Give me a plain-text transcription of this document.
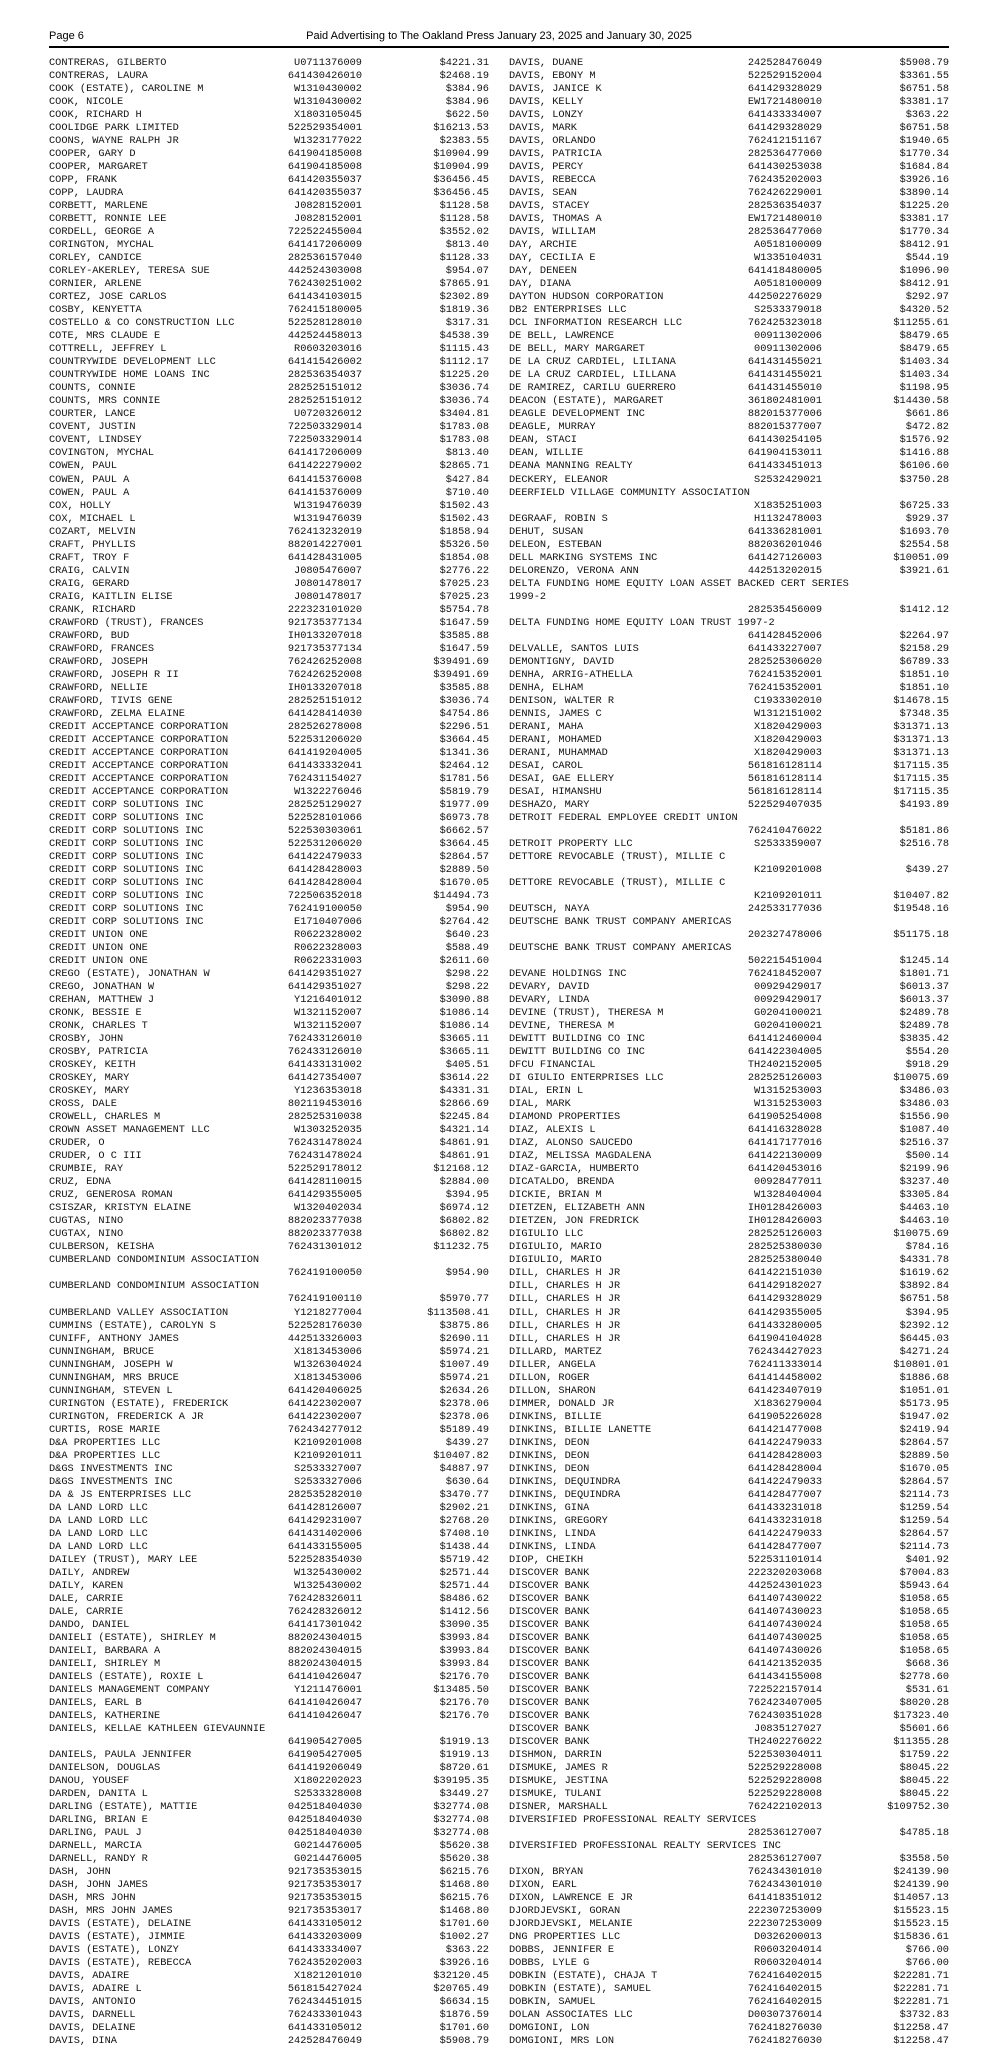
Page 6	Paid Advertising to The Oakland Press January 23, 2025 and January 30, 2025
CONTRERAS, GILBERTO	U0711376009	$4221.31
CONTRERAS, LAURA	641430426010	$2468.19
COOK (ESTATE), CAROLINE M	W1310430002	$384.96
COOK, NICOLE	W1310430002	$384.96
COOK, RICHARD H	X1803105045	$622.50
COOLIDGE PARK LIMITED	522529354001	$16213.53
COONS, WAYNE RALPH JR	W1323177022	$2383.55
COOPER, GARY D	641904185008	$10904.99
COOPER, MARGARET	641904185008	$10904.99
COPP, FRANK	641420355037	$36456.45
COPP, LAUDRA	641420355037	$36456.45
CORBETT, MARLENE	J0828152001	$1128.58
CORBETT, RONNIE LEE	J0828152001	$1128.58
CORDELL, GEORGE A	722522455004	$3552.02
CORINGTON, MYCHAL	641417206009	$813.40
CORLEY, CANDICE	282536157040	$1128.33
CORLEY-AKERLEY, TERESA SUE	442524303008	$954.07
CORNIER, ARLENE	762430251002	$7865.91
CORTEZ, JOSE CARLOS	641434103015	$2302.89
COSBY, KENYETTA	762415180005	$1819.36
COSTELLO & CO CONSTRUCTION LLC	522528128010	$317.31
COTE, MRS CLAUDE E	442524458013	$4538.39
COTTRELL, JEFFREY L	R0603203016	$1115.43
COUNTRYWIDE DEVELOPMENT LLC	641415426002	$1112.17
COUNTRYWIDE HOME LOANS INC	282536354037	$1225.20
COUNTS, CONNIE	282525151012	$3036.74
COUNTS, MRS CONNIE	282525151012	$3036.74
COURTER, LANCE	U0720326012	$3404.81
COVENT, JUSTIN	722503329014	$1783.08
COVENT, LINDSEY	722503329014	$1783.08
COVINGTON, MYCHAL	641417206009	$813.40
COWEN, PAUL	641422279002	$2865.71
COWEN, PAUL A	641415376008	$427.84
COWEN, PAUL A	641415376009	$710.40
COX, HOLLY	W1319476039	$1502.43
COX, MICHAEL L	W1319476039	$1502.43
COZART, MELVIN	762413232019	$1858.94
CRAFT, PHYLLIS	882014227001	$5326.50
CRAFT, TROY F	641428431005	$1854.08
CRAIG, CALVIN	J0805476007	$2776.22
CRAIG, GERARD	J0801478017	$7025.23
CRAIG, KAITLIN ELISE	J0801478017	$7025.23
CRANK, RICHARD	222323101020	$5754.78
CRAWFORD (TRUST), FRANCES	921735377134	$1647.59
CRAWFORD, BUD	IH0133207018	$3585.88
CRAWFORD, FRANCES	921735377134	$1647.59
CRAWFORD, JOSEPH	762426252008	$39491.69
CRAWFORD, JOSEPH R II	762426252008	$39491.69
CRAWFORD, NELLIE	IH0133207018	$3585.88
CRAWFORD, TIVIS GENE	282525151012	$3036.74
CRAWFORD, ZELMA ELAINE	641428414030	$4754.86
CREDIT ACCEPTANCE CORPORATION	282526278008	$2296.51
CREDIT ACCEPTANCE CORPORATION	522531206020	$3664.45
CREDIT ACCEPTANCE CORPORATION	641419204005	$1341.36
CREDIT ACCEPTANCE CORPORATION	641433332041	$2464.12
CREDIT ACCEPTANCE CORPORATION	762431154027	$1781.56
CREDIT ACCEPTANCE CORPORATION	W1322276046	$5819.79
CREDIT CORP SOLUTIONS INC	282525129027	$1977.09
CREDIT CORP SOLUTIONS INC	522528101066	$6973.78
CREDIT CORP SOLUTIONS INC	522530303061	$6662.57
CREDIT CORP SOLUTIONS INC	522531206020	$3664.45
CREDIT CORP SOLUTIONS INC	641422479033	$2864.57
CREDIT CORP SOLUTIONS INC	641428428003	$2889.50
CREDIT CORP SOLUTIONS INC	641428428004	$1670.05
CREDIT CORP SOLUTIONS INC	722506352018	$14494.73
CREDIT CORP SOLUTIONS INC	762419100050	$954.90
CREDIT CORP SOLUTIONS INC	E1710407006	$2764.42
CREDIT UNION ONE	R0622328002	$640.23
CREDIT UNION ONE	R0622328003	$588.49
CREDIT UNION ONE	R0622331003	$2611.60
CREGO (ESTATE), JONATHAN W	641429351027	$298.22
CREGO, JONATHAN W	641429351027	$298.22
CREHAN, MATTHEW J	Y1216401012	$3090.88
CRONK, BESSIE E	W1321152007	$1086.14
CRONK, CHARLES T	W1321152007	$1086.14
CROSBY, JOHN	762433126010	$3665.11
CROSBY, PATRICIA	762433126010	$3665.11
CROSKEY, KEITH	641433131002	$405.51
CROSKEY, MARY	641427354007	$3614.22
CROSKEY, MARY	Y1236353018	$4331.31
CROSS, DALE	802119453016	$2866.69
CROWELL, CHARLES M	282525310038	$2245.84
CROWN ASSET MANAGEMENT LLC	W1303252035	$4321.14
CRUDER, O	762431478024	$4861.91
CRUDER, O C III	762431478024	$4861.91
CRUMBIE, RAY	522529178012	$12168.12
CRUZ, EDNA	641428110015	$2884.00
CRUZ, GENEROSA ROMAN	641429355005	$394.95
CSISZAR, KRISTYN ELAINE	W1320402034	$6974.12
CUGTAS, NINO	882023377038	$6802.82
CUGTAX, NINO	882023377038	$6802.82
CULBERSON, KEISHA	762431301012	$11232.75
CUMBERLAND CONDOMINIUM ASSOCIATION
762419100050	$954.90
CUMBERLAND CONDOMINIUM ASSOCIATION
762419100110	$5970.77
CUMBERLAND VALLEY ASSOCIATION	Y1218277004	$113508.41
CUMMINS (ESTATE), CAROLYN S	522528176030	$3875.86
CUNIFF, ANTHONY JAMES	442513326003	$2690.11
CUNNINGHAM, BRUCE	X1813453006	$5974.21
CUNNINGHAM, JOSEPH W	W1326304024	$1007.49
CUNNINGHAM, MRS BRUCE	X1813453006	$5974.21
CUNNINGHAM, STEVEN L	641420406025	$2634.26
CURINGTON (ESTATE), FREDERICK	641422302007	$2378.06
CURINGTON, FREDERICK A JR	641422302007	$2378.06
CURTIS, ROSE MARIE	762434277012	$5189.49
D&A PROPERTIES LLC	K2109201008	$439.27
D&A PROPERTIES LLC	K2109201011	$10407.82
D&GS INVESTMENTS INC	S2533327007	$4887.97
D&GS INVESTMENTS INC	S2533327006	$630.64
DA & JS ENTERPRISES LLC	282535282010	$3470.77
DA LAND LORD LLC	641428126007	$2902.21
DA LAND LORD LLC	641429231007	$2768.20
DA LAND LORD LLC	641431402006	$7408.10
DA LAND LORD LLC	641433155005	$1438.44
DAILEY (TRUST), MARY LEE	522528354030	$5719.42
DAILY, ANDREW	W1325430002	$2571.44
DAILY, KAREN	W1325430002	$2571.44
DALE, CARRIE	762428326011	$8486.62
DALE, CARRIE	762428326012	$1412.56
DANDO, DANIEL	641417301042	$3090.35
DANIELI (ESTATE), SHIRLEY M	882024304015	$3993.84
DANIELI, BARBARA A	882024304015	$3993.84
DANIELI, SHIRLEY M	882024304015	$3993.84
DANIELS (ESTATE), ROXIE L	641410426047	$2176.70
DANIELS MANAGEMENT COMPANY	Y1211476001	$13485.50
DANIELS, EARL B	641410426047	$2176.70
DANIELS, KATHERINE	641410426047	$2176.70
DANIELS, KELLAE KATHLEEN GIEVAUNNIE
641905427005	$1919.13
DANIELS, PAULA JENNIFER	641905427005	$1919.13
DANIELSON, DOUGLAS	641419206049	$8720.61
DANOU, YOUSEF	X1802202023	$39195.35
DARDEN, DANITA L	S2533328008	$3449.27
DARLING (ESTATE), MATTIE	042518404030	$32774.08
DARLING, BRIAN E	042518404030	$32774.08
DARLING, PAUL J	042518404030	$32774.08
DARNELL, MARCIA	G0214476005	$5620.38
DARNELL, RANDY R	G0214476005	$5620.38
DASH, JOHN	921735353015	$6215.76
DASH, JOHN JAMES	921735353017	$1468.80
DASH, MRS JOHN	921735353015	$6215.76
DASH, MRS JOHN JAMES	921735353017	$1468.80
DAVIS (ESTATE), DELAINE	641433105012	$1701.60
DAVIS (ESTATE), JIMMIE	641433203009	$1002.27
DAVIS (ESTATE), LONZY	641433334007	$363.22
DAVIS (ESTATE), REBECCA	762435202003	$3926.16
DAVIS, ADAIRE	X1821201010	$32120.45
DAVIS, ADAIRE L	561815427024	$20765.49
DAVIS, ANTONIO	762434451015	$6634.15
DAVIS, DARNELL	762433301043	$1876.59
DAVIS, DELAINE	641433105012	$1701.60
DAVIS, DINA	242528476049	$5908.79
DAVIS, DUANE	242528476049	$5908.79
DAVIS, EBONY M	522529152004	$3361.55
DAVIS, JANICE K	641429328029	$6751.58
DAVIS, KELLY	EW1721480010	$3381.17
DAVIS, LONZY	641433334007	$363.22
DAVIS, MARK	641429328029	$6751.58
DAVIS, ORLANDO	762412151167	$1940.65
DAVIS, PATRICIA	282536477060	$1770.34
DAVIS, PERCY	641430253038	$1684.84
DAVIS, REBECCA	762435202003	$3926.16
DAVIS, SEAN	762426229001	$3890.14
DAVIS, STACEY	282536354037	$1225.20
DAVIS, THOMAS A	EW1721480010	$3381.17
DAVIS, WILLIAM	282536477060	$1770.34
DAY, ARCHIE	A0518100009	$8412.91
DAY, CECILIA E	W1335104031	$544.19
DAY, DENEEN	641418480005	$1096.90
DAY, DIANA	A0518100009	$8412.91
DAYTON HUDSON CORPORATION	442502276029	$292.97
DB2 ENTERPRISES LLC	S2533379018	$4320.52
DCL INFORMATION RESEARCH LLC	762425323018	$11255.61
DE BELL, LAWRENCE	00911302006	$8479.65
DE BELL, MARY MARGARET	00911302006	$8479.65
DE LA CRUZ CARDIEL, LILIANA	641431455021	$1403.34
DE LA CRUZ CARDIEL, LILLANA	641431455021	$1403.34
DE RAMIREZ, CARILU GUERRERO	641431455010	$1198.95
DEACON (ESTATE), MARGARET	361802481001	$14430.58
DEAGLE DEVELOPMENT INC	882015377006	$661.86
DEAGLE, MURRAY	882015377007	$472.82
DEAN, STACI	641430254105	$1576.92
DEAN, WILLIE	641904153011	$1416.88
DEANA MANNING REALTY	641433451013	$6106.60
DECKERY, ELEANOR	S2532429021	$3750.28
DEERFIELD VILLAGE COMMUNITY ASSOCIATION
X1835251003	$6725.33
DEGRAAF, ROBIN S	H1132478003	$929.37
DEHUT, SUSAN	641336281001	$1693.70
DELEON, ESTEBAN	882036201046	$2554.58
DELL MARKING SYSTEMS INC	641427126003	$10051.09
DELORENZO, VERONA ANN	442513202015	$3921.61
DELTA FUNDING HOME EQUITY LOAN ASSET BACKED CERT SERIES
1999-2
282535456009	$1412.12
DELTA FUNDING HOME EQUITY LOAN TRUST 1997-2
641428452006	$2264.97
DELVALLE, SANTOS LUIS	641433227007	$2158.29
DEMONTIGNY, DAVID	282525306020	$6789.33
DENHA, ARRIG-ATHELLA	762415352001	$1851.10
DENHA, ELHAM	762415352001	$1851.10
DENISON, WALTER R	C1933302010	$14678.15
DENNIS, JAMES C	W1312151002	$7348.35
DERANI, MAHA	X1820429003	$31371.13
DERANI, MOHAMED	X1820429003	$31371.13
DERANI, MUHAMMAD	X1820429003	$31371.13
DESAI, CAROL	561816128114	$17115.35
DESAI, GAE ELLERY	561816128114	$17115.35
DESAI, HIMANSHU	561816128114	$17115.35
DESHAZO, MARY	522529407035	$4193.89
DETROIT FEDERAL EMPLOYEE CREDIT UNION
762410476022	$5181.86
DETROIT PROPERTY LLC	S2533359007	$2516.78
DETTORE REVOCABLE (TRUST), MILLIE C
K2109201008	$439.27
DETTORE REVOCABLE (TRUST), MILLIE C
K2109201011	$10407.82
DEUTSCH, NAYA	242533177036	$19548.16
DEUTSCHE BANK TRUST COMPANY AMERICAS
202327478006	$51175.18
DEUTSCHE BANK TRUST COMPANY AMERICAS
502215451004	$1245.14
DEVANE HOLDINGS INC	762418452007	$1801.71
DEVARY, DAVID	00929429017	$6013.37
DEVARY, LINDA	00929429017	$6013.37
DEVINE (TRUST), THERESA M	G0204100021	$2489.78
DEVINE, THERESA M	G0204100021	$2489.78
DEWITT BUILDING CO INC	641412460004	$3835.42
DEWITT BUILDING CO INC	641422304005	$554.20
DFCU FINANCIAL	TH2402152005	$918.29
DI GIULIO ENTERPRISES LLC	282525126003	$10075.69
DIAL, ERIN L	W1315253003	$3486.03
DIAL, MARK	W1315253003	$3486.03
DIAMOND PROPERTIES	641905254008	$1556.90
DIAZ, ALEXIS L	641416328028	$1087.40
DIAZ, ALONSO SAUCEDO	641417177016	$2516.37
DIAZ, MELISSA MAGDALENA	641422130009	$500.14
DIAZ-GARCIA, HUMBERTO	641420453016	$2199.96
DICATALDO, BRENDA	00928477011	$3237.40
DICKIE, BRIAN M	W1328404004	$3305.84
DIETZEN, ELIZABETH ANN	IH0128426003	$4463.10
DIETZEN, JON FREDRICK	IH0128426003	$4463.10
DIGIULIO LLC	282525126003	$10075.69
DIGIULIO, MARIO	282525380030	$784.16
DIGIULIO, MARIO	282525380040	$4331.78
DILL, CHARLES H JR	641422151030	$1619.62
DILL, CHARLES H JR	641429182027	$3892.84
DILL, CHARLES H JR	641429328029	$6751.58
DILL, CHARLES H JR	641429355005	$394.95
DILL, CHARLES H JR	641433280005	$2392.12
DILL, CHARLES H JR	641904104028	$6445.03
DILLARD, MARTEZ	762434427023	$4271.24
DILLER, ANGELA	762411333014	$10801.01
DILLON, ROGER	641414458002	$1886.68
DILLON, SHARON	641423407019	$1051.01
DIMMER, DONALD JR	X1836279004	$5173.95
DINKINS, BILLIE	641905226028	$1947.02
DINKINS, BILLIE LANETTE	641421477008	$2419.94
DINKINS, DEON	641422479033	$2864.57
DINKINS, DEON	641428428003	$2889.50
DINKINS, DEON	641428428004	$1670.05
DINKINS, DEQUINDRA	641422479033	$2864.57
DINKINS, DEQUINDRA	641428477007	$2114.73
DINKINS, GINA	641433231018	$1259.54
DINKINS, GREGORY	641433231018	$1259.54
DINKINS, LINDA	641422479033	$2864.57
DINKINS, LINDA	641428477007	$2114.73
DIOP, CHEIKH	522531101014	$401.92
DISCOVER BANK	222320203068	$7004.83
DISCOVER BANK	442524301023	$5943.64
DISCOVER BANK	641407430022	$1058.65
DISCOVER BANK	641407430023	$1058.65
DISCOVER BANK	641407430024	$1058.65
DISCOVER BANK	641407430025	$1058.65
DISCOVER BANK	641407430026	$1058.65
DISCOVER BANK	641421352035	$668.36
DISCOVER BANK	641434155008	$2778.60
DISCOVER BANK	722522157014	$531.61
DISCOVER BANK	762423407005	$8020.28
DISCOVER BANK	762430351028	$17323.40
DISCOVER BANK	J0835127027	$5601.66
DISCOVER BANK	TH2402276022	$11355.28
DISHMON, DARRIN	522530304011	$1759.22
DISMUKE, JAMES R	522529228008	$8045.22
DISMUKE, JESTINA	522529228008	$8045.22
DISMUKE, TULANI	522529228008	$8045.22
DISNER, MARSHALL	762422102013	$109752.30
DIVERSIFIED PROFESSIONAL REALTY SERVICES
282536127007	$4785.18
DIVERSIFIED PROFESSIONAL REALTY SERVICES INC
282536127007	$3558.50
DIXON, BRYAN	762434301010	$24139.90
DIXON, EARL	762434301010	$24139.90
DIXON, LAWRENCE E JR	641418351012	$14057.13
DJORDJEVSKI, GORAN	222307253009	$15523.15
DJORDJEVSKI, MELANIE	222307253009	$15523.15
DNG PROPERTIES LLC	D0326200013	$15836.61
DOBBS, JENNIFER E	R0603204014	$766.00
DOBBS, LYLE G	R0603204014	$766.00
DOBKIN (ESTATE), CHAJA T	762416402015	$22281.71
DOBKIN (ESTATE), SAMUEL	762416402015	$22281.71
DOBKIN, SAMUEL	762416402015	$22281.71
DOLAN ASSOCIATES LLC	D00307376014	$3732.83
DOMGIONI, LON	762418276030	$12258.47
DOMGIONI, MRS LON	762418276030	$12258.47
